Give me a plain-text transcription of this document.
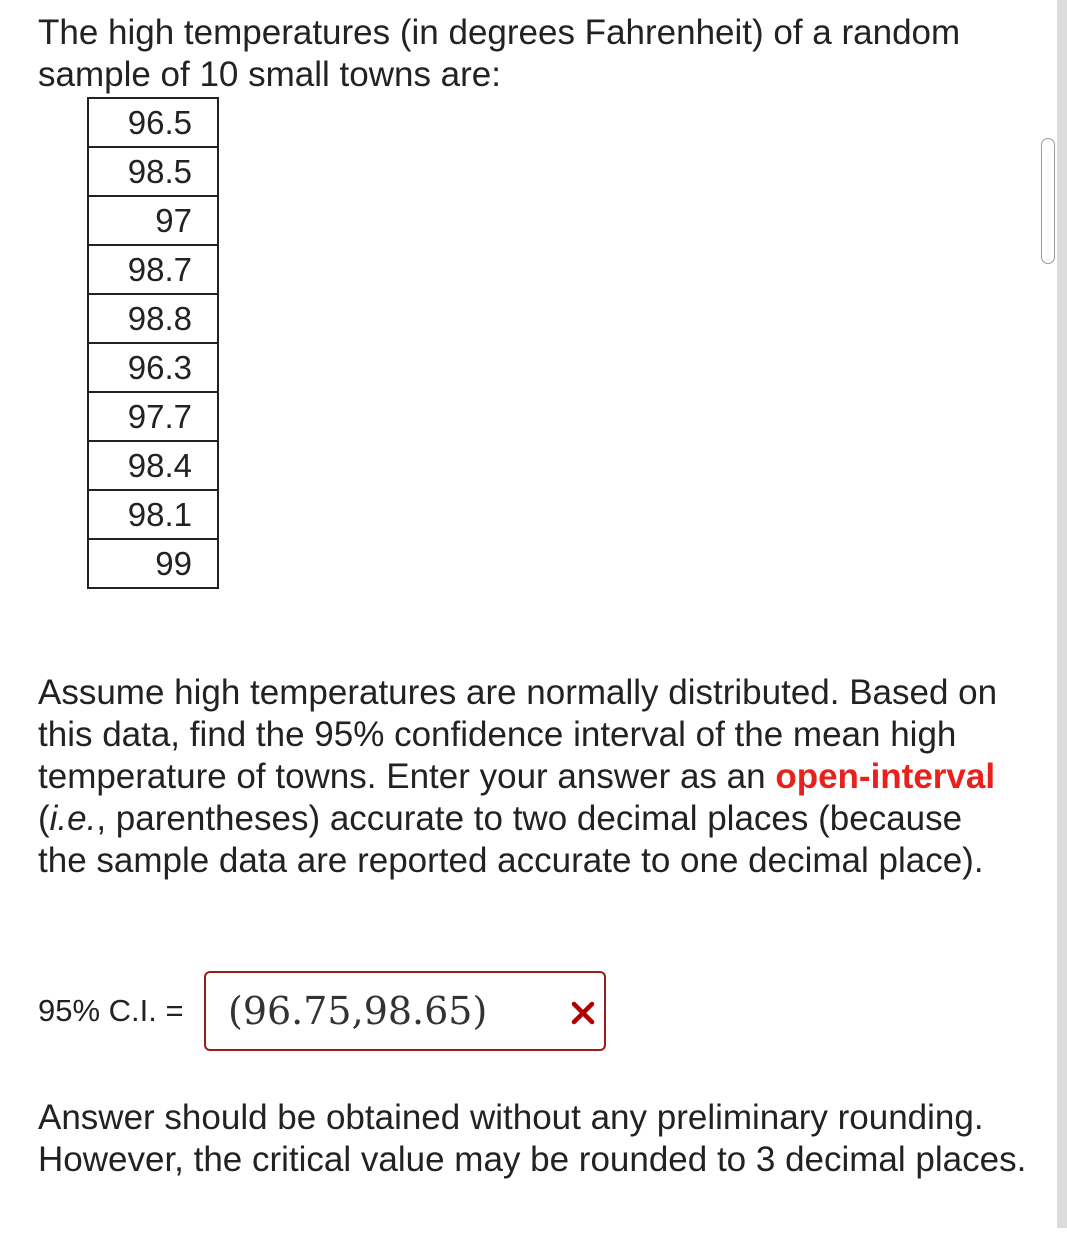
The high temperatures (in degrees Fahrenheit) of a random sample of 10 small towns are:

96.5
98.5
97
98.7
98.8
96.3
97.7
98.4
98.1
99

Assume high temperatures are normally distributed. Based on this data, find the 95% confidence interval of the mean high temperature of towns. Enter your answer as an open-interval (i.e., parentheses) accurate to two decimal places (because the sample data are reported accurate to one decimal place).

95% C.I. =	(96.75,98.65)

Answer should be obtained without any preliminary rounding. However, the critical value may be rounded to 3 decimal places.
